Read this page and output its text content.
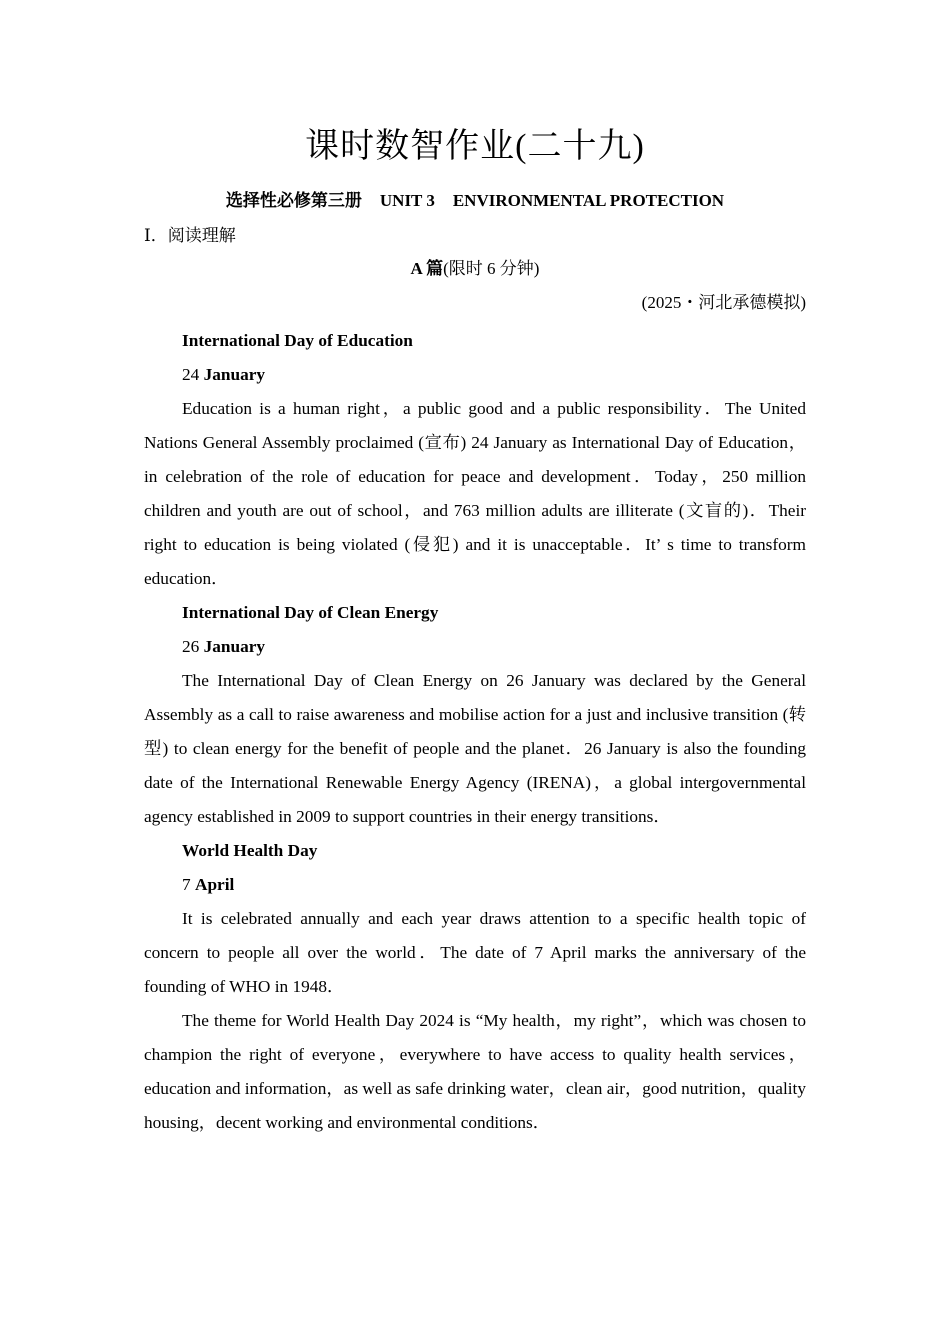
课时数智作业(二十九)
选择性必修第三册 UNIT 3 ENVIRONMENTAL PROTECTION
Ⅰ．阅读理解
A 篇(限时 6 分钟)
(2025・河北承德模拟)

International Day of Education

24 January

Education is a human right，a public good and a public responsibility．The United Nations General Assembly proclaimed (宣布) 24 January as International Day of Education，in celebration of the role of education for peace and development．Today，250 million children and youth are out of school，and 763 million adults are illiterate (文盲的)．Their right to education is being violated (侵犯) and it is unacceptable．It’ s time to transform education．

International Day of Clean Energy

26 January

The International Day of Clean Energy on 26 January was declared by the General Assembly as a call to raise awareness and mobilise action for a just and inclusive transition (转型) to clean energy for the benefit of people and the planet．26 January is also the founding date of the International Renewable Energy Agency (IRENA)，a global intergovernmental agency established in 2009 to support countries in their energy transitions．

World Health Day

7 April

It is celebrated annually and each year draws attention to a specific health topic of concern to people all over the world．The date of 7 April marks the anniversary of the founding of WHO in 1948．

The theme for World Health Day 2024 is “My health，my right”，which was chosen to champion the right of everyone，everywhere to have access to quality health services，education and information，as well as safe drinking water，clean air，good nutrition，quality housing，decent working and environmental conditions．
